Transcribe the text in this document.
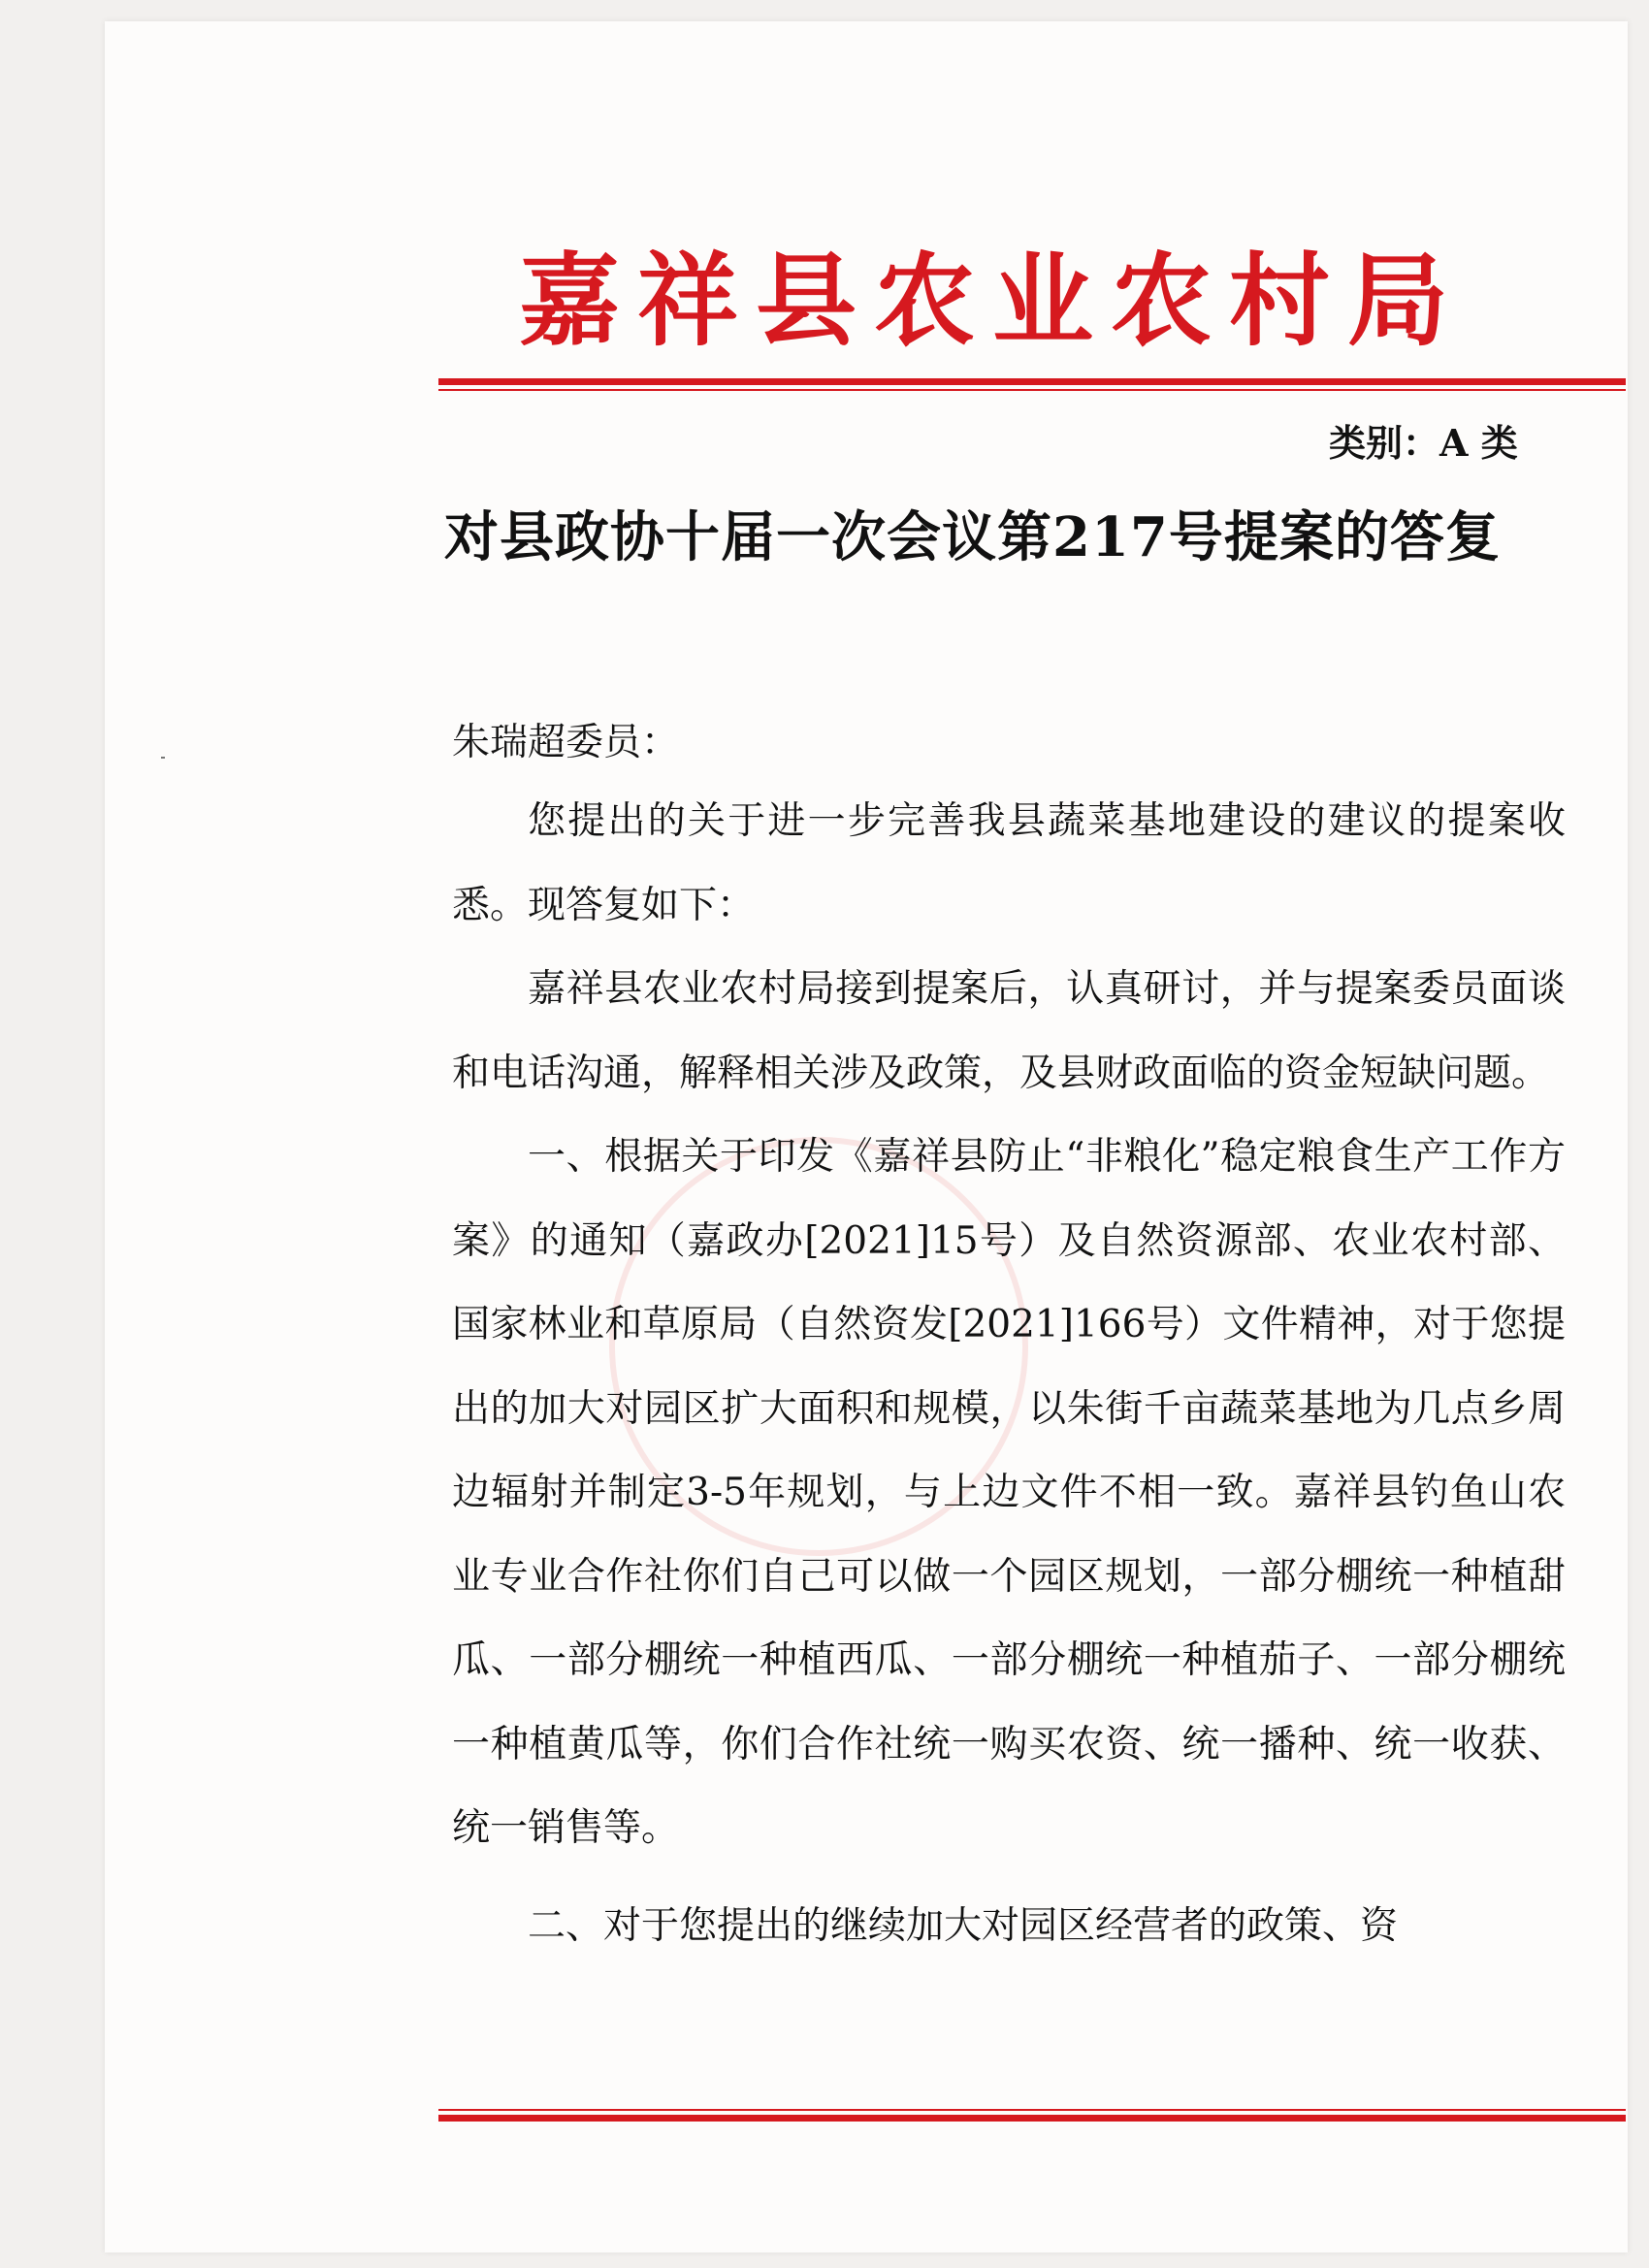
嘉祥县农业农村局
类别：A 类
对县政协十届一次会议第217号提案的答复
朱瑞超委员：

您提出的关于进一步完善我县蔬菜基地建设的建议的提案收悉。现答复如下：

嘉祥县农业农村局接到提案后，认真研讨，并与提案委员面谈和电话沟通，解释相关涉及政策，及县财政面临的资金短缺问题。

一、根据关于印发《嘉祥县防止“非粮化”稳定粮食生产工作方案》的通知（嘉政办[2021]15号）及自然资源部、农业农村部、国家林业和草原局（自然资发[2021]166号）文件精神，对于您提出的加大对园区扩大面积和规模，以朱街千亩蔬菜基地为几点乡周边辐射并制定3-5年规划，与上边文件不相一致。嘉祥县钓鱼山农业专业合作社你们自己可以做一个园区规划，一部分棚统一种植甜瓜、一部分棚统一种植西瓜、一部分棚统一种植茄子、一部分棚统一种植黄瓜等，你们合作社统一购买农资、统一播种、统一收获、统一销售等。

二、对于您提出的继续加大对园区经营者的政策、资
